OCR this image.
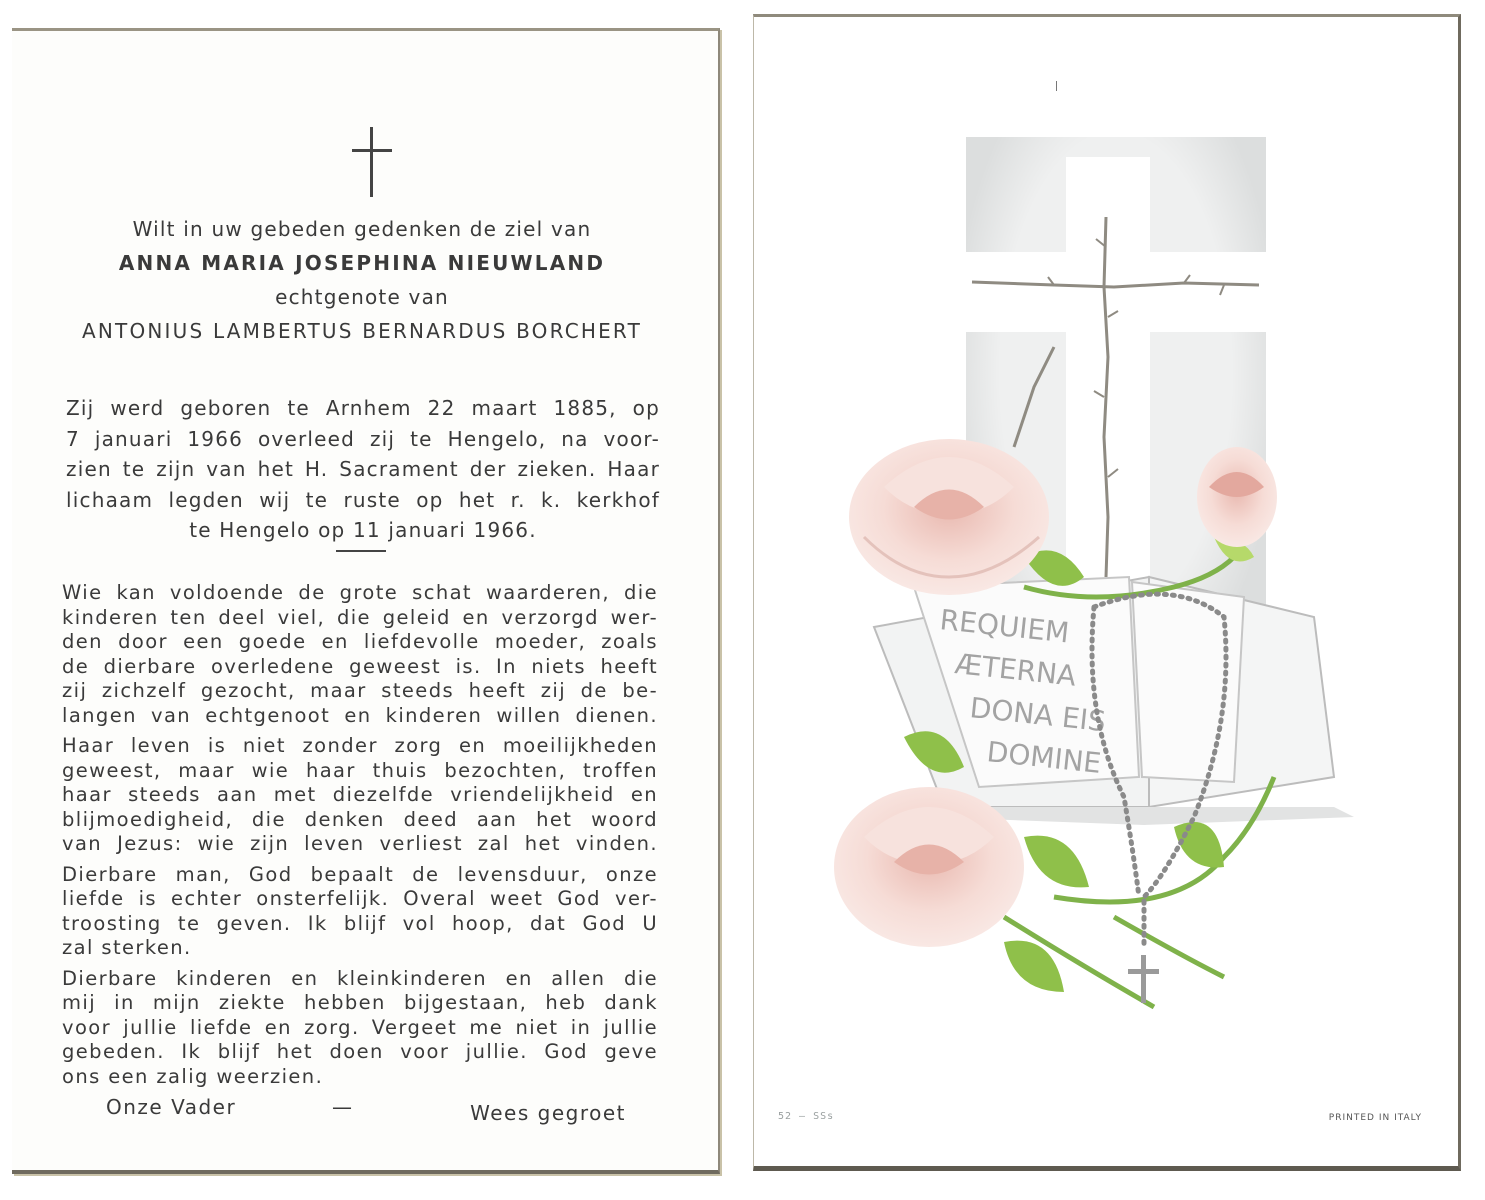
Wilt in uw gebeden gedenken de ziel van
ANNA MARIA JOSEPHINA NIEUWLAND
echtgenote van
ANTONIUS LAMBERTUS BERNARDUS BORCHERT
Zij werd geboren te Arnhem 22 maart 1885, op
7 januari 1966 overleed zij te Hengelo, na voor-
zien te zijn van het H. Sacrament der zieken. Haar
lichaam legden wij te ruste op het r. k. kerkhof
te Hengelo op 11 januari 1966.
Wie kan voldoende de grote schat waarderen, die
kinderen ten deel viel, die geleid en verzorgd wer-
den door een goede en liefdevolle moeder, zoals
de dierbare overledene geweest is. In niets heeft
zij zichzelf gezocht, maar steeds heeft zij de be-
langen van echtgenoot en kinderen willen dienen.
Haar leven is niet zonder zorg en moeilijkheden
geweest, maar wie haar thuis bezochten, troffen
haar steeds aan met diezelfde vriendelijkheid en
blijmoedigheid, die denken deed aan het woord
van Jezus: wie zijn leven verliest zal het vinden.
Dierbare man, God bepaalt de levensduur, onze
liefde is echter onsterfelijk. Overal weet God ver-
troosting te geven. Ik blijf vol hoop, dat God U
zal sterken.
Dierbare kinderen en kleinkinderen en allen die
mij in mijn ziekte hebben bijgestaan, heb dank
voor jullie liefde en zorg. Vergeet me niet in jullie
gebeden. Ik blijf het doen voor jullie. God geve
ons een zalig weerzien.
Onze Vader	—	Wees gegroet
REQUIEM
ÆTERNA
DONA EIS
DOMINE
52 — SSs	PRINTED IN ITALY
